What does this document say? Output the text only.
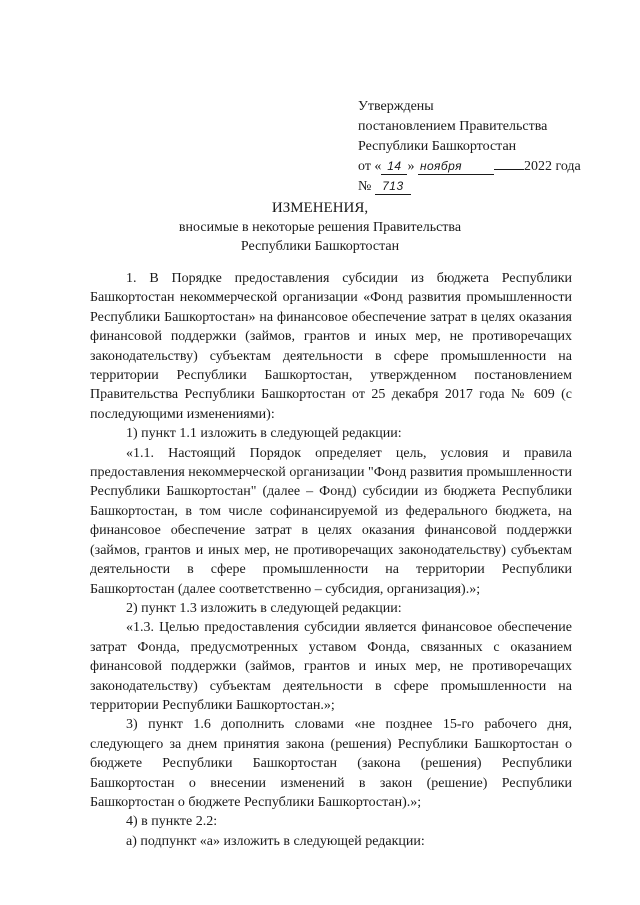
Утверждены
постановлением Правительства
Республики Башкортостан
от « 14 » ноября	2022 года
№ 713
ИЗМЕНЕНИЯ,
вносимые в некоторые решения Правительства
Республики Башкортостан

1. В Порядке предоставления субсидии из бюджета Республики Башкортостан некоммерческой организации «Фонд развития промышленности Республики Башкортостан» на финансовое обеспечение затрат в целях оказания финансовой поддержки (займов, грантов и иных мер, не противоречащих законодательству) субъектам деятельности в сфере промышленности на территории Республики Башкортостан, утвержденном постановлением Правительства Республики Башкортостан от 25 декабря 2017 года № 609 (с последующими изменениями):

1) пункт 1.1 изложить в следующей редакции:

«1.1. Настоящий Порядок определяет цель, условия и правила предоставления некоммерческой организации "Фонд развития промышленности Республики Башкортостан" (далее – Фонд) субсидии из бюджета Республики Башкортостан, в том числе софинансируемой из федерального бюджета, на финансовое обеспечение затрат в целях оказания финансовой поддержки (займов, грантов и иных мер, не противоречащих законодательству) субъектам деятельности в сфере промышленности на территории Республики Башкортостан (далее соответственно – субсидия, организация).»;

2) пункт 1.3 изложить в следующей редакции:

«1.3. Целью предоставления субсидии является финансовое обеспечение затрат Фонда, предусмотренных уставом Фонда, связанных с оказанием финансовой поддержки (займов, грантов и иных мер, не противоречащих законодательству) субъектам деятельности в сфере промышленности на территории Республики Башкортостан.»;

3) пункт 1.6 дополнить словами «не позднее 15-го рабочего дня, следующего за днем принятия закона (решения) Республики Башкортостан о бюджете Республики Башкортостан (закона (решения) Республики Башкортостан о внесении изменений в закон (решение) Республики Башкортостан о бюджете Республики Башкортостан).»;

4) в пункте 2.2:

а) подпункт «а» изложить в следующей редакции:
